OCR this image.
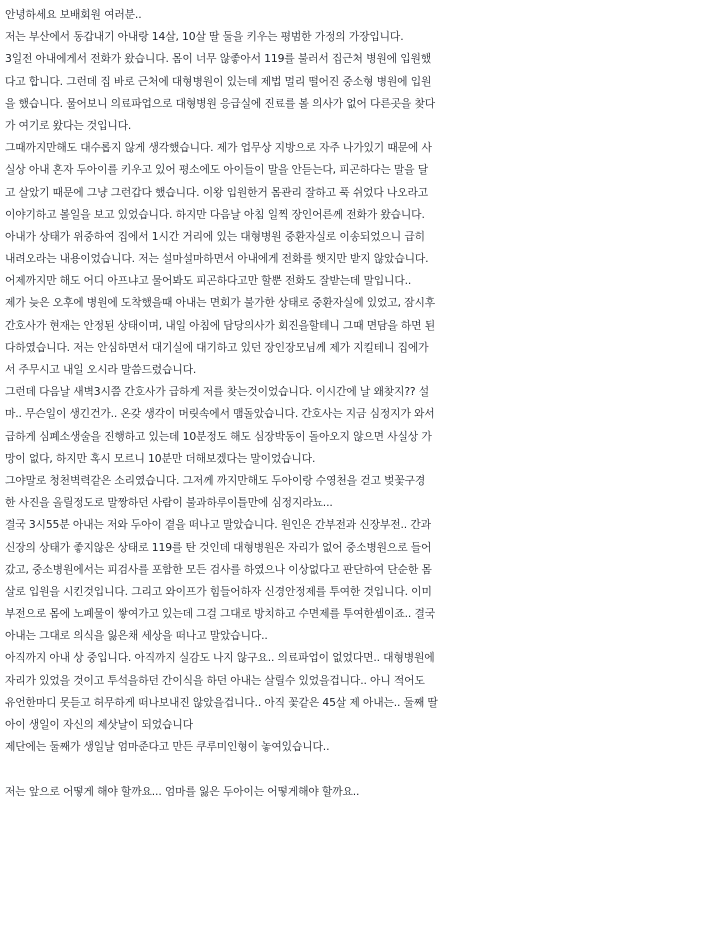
안녕하세요 보배회원 여러분..
저는 부산에서 동갑내기 아내랑 14살, 10살 딸 둘을 키우는 평범한 가정의 가장입니다.
3일전 아내에게서 전화가 왔습니다. 몸이 너무 않좋아서 119를 불러서 집근처 병원에 입원했
다고 합니다. 그런데 집 바로 근처에 대형병원이 있는데 제법 멀리 떨어진 중소형 병원에 입원
을 했습니다. 물어보니 의료파업으로 대형병원 응급실에 진료를 볼 의사가 없어 다른곳을 찾다
가 여기로 왔다는 것입니다.
그때까지만해도 대수롭지 않게 생각했습니다. 제가 업무상 지방으로 자주 나가있기 때문에 사
실상 아내 혼자 두아이를 키우고 있어 평소에도 아이들이 말을 안듣는다, 피곤하다는 말을 달
고 살았기 때문에 그냥 그런갑다 했습니다. 이왕 입원한거 몸관리 잘하고 푹 쉬었다 나오라고
이야기하고 볼일을 보고 있었습니다. 하지만 다음날 아침 일찍 장인어른께 전화가 왔습니다.
아내가 상태가 위중하여 집에서 1시간 거리에 있는 대형병원 중환자실로 이송되었으니 급히
내려오라는 내용이었습니다. 저는 설마설마하면서 아내에게 전화를 햇지만 받지 않았습니다.
어제까지만 해도 어디 아프냐고 물어봐도 피곤하다고만 할뿐 전화도 잘받는데 말입니다..
제가 늦은 오후에 병원에 도착했을때 아내는 면회가 불가한 상태로 중환자실에 있었고, 잠시후
간호사가 현재는 안정된 상태이며, 내일 아침에 담당의사가 회진을할테니 그때 면담을 하면 된
다하였습니다. 저는 안심하면서 대기실에 대기하고 있던 장인장모님께 제가 지킬테니 집에가
서 주무시고 내일 오시라 말씀드렸습니다.
그런데 다음날 새벽3시쯤 간호사가 급하게 저를 찾는것이었습니다. 이시간에 날 왜찾지?? 설
마.. 무슨일이 생긴건가.. 온갖 생각이 머릿속에서 맴돌았습니다. 간호사는 지금 심정지가 와서
급하게 심폐소생술을 진행하고 있는데 10분정도 해도 심장박동이 돌아오지 않으면 사실상 가
망이 없다, 하지만 혹시 모르니 10분만 더해보겠다는 말이었습니다.
그야말로 청천벽력같은 소리였습니다. 그저께 까지만해도 두아이랑 수영천을 걷고 벚꽃구경
한 사진을 올릴정도로 말짱하던 사람이 불과하루이틀만에 심정지라뇨...
결국 3시55분 아내는 저와 두아이 곁을 떠나고 말았습니다. 원인은 간부전과 신장부전.. 간과
신장의 상태가 좋지않은 상태로 119를 탄 것인데 대형병원은 자리가 없어 중소병원으로 들어
갔고, 중소병원에서는 피검사를 포함한 모든 검사를 하였으나 이상없다고 판단하여 단순한 몸
살로 입원을 시킨것입니다. 그리고 와이프가 힘들어하자 신경안정제를 투여한 것입니다. 이미
부전으로 몸에 노폐물이 쌓여가고 있는데 그걸 그대로 방치하고 수면제를 투여한셈이죠.. 결국
아내는 그대로 의식을 잃은채 세상을 떠나고 말았습니다..
아직까지 아내 상 중입니다. 아직까지 실감도 나지 않구요.. 의료파업이 없었다면.. 대형병원에
자리가 있었을 것이고 투석을하던 간이식을 하던 아내는 살릴수 있었을겁니다.. 아니 적어도
유언한마디 못듣고 허무하게 떠나보내진 않았을겁니다.. 아직 꽃같은 45살 제 아내는.. 둘째 딸
아이 생일이 자신의 제삿날이 되었습니다
제단에는 둘째가 생일날 엄마준다고 만든 쿠루미인형이 놓여있습니다..
저는 앞으로 어떻게 해야 할까요... 엄마를 잃은 두아이는 어떻게해야 할까요..
